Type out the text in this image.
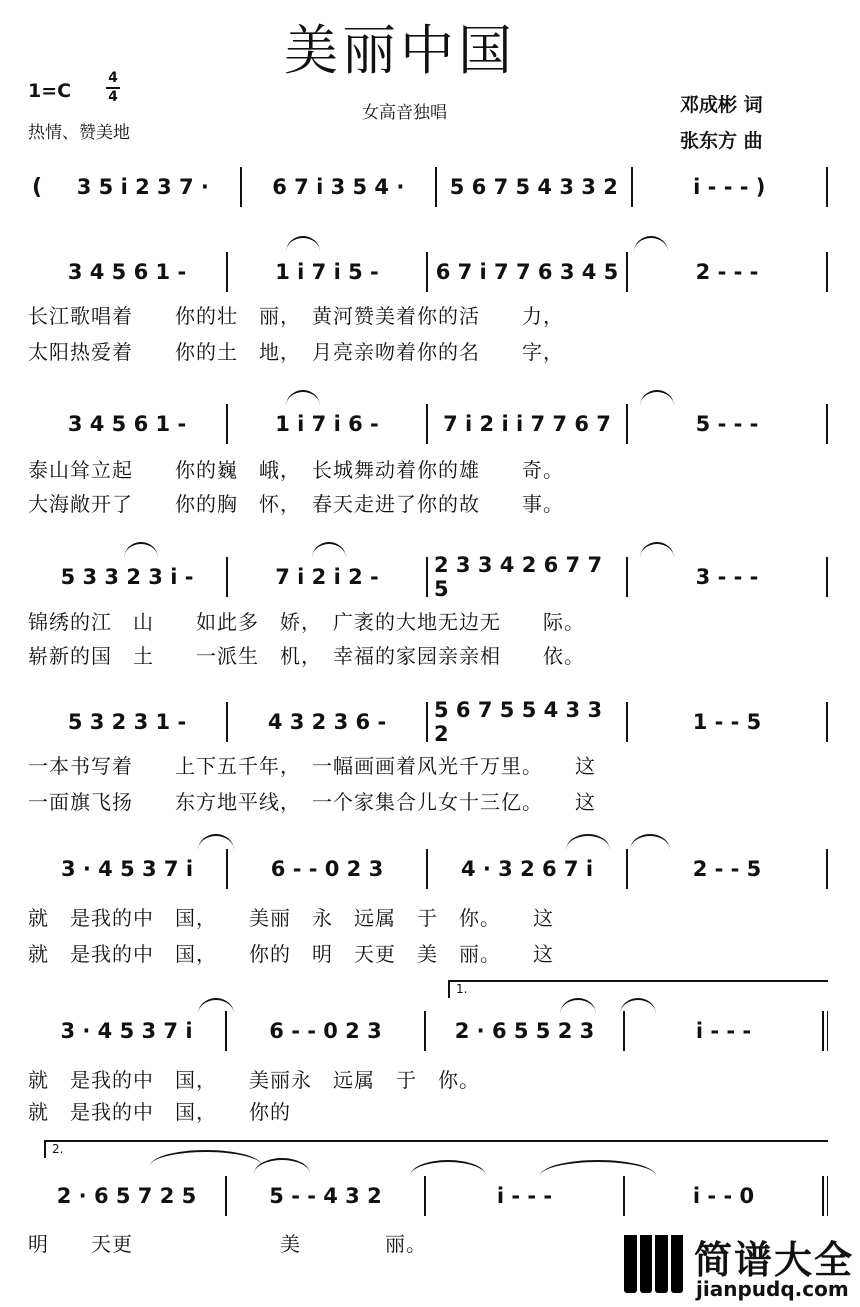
美丽中国
1=C
4
4
热情、赞美地
女高音独唱	邓成彬 词
张东方 曲
(	3 5 i 2 3 7 ·	6 7 i 3 5 4 ·	5 6 7 5 4 3 3 2	i - - - )
3 4 5 6 1 -	1 i 7 i 5 -	6 7 i 7 7 6 3 4 5	2 - - -
长江歌唱着　　你的壮　丽，　黄河赞美着你的活　　力，
太阳热爱着　　你的土　地，　月亮亲吻着你的名　　字，
3 4 5 6 1 -	1 i 7 i 6 -	7 i 2 i i 7 7 6 7	5 - - -
泰山耸立起　　你的巍　峨，　长城舞动着你的雄　　奇。
大海敞开了　　你的胸　怀，　春天走进了你的故　　事。
5 3 3 2 3 i -	7 i 2 i 2 -	2 3 3 4 2 6 7 7 5	3 - - -
锦绣的江　山　　如此多　娇，　广袤的大地无边无　　际。
崭新的国　土　　一派生　机，　幸福的家园亲亲相　　依。
5 3 2 3 1 -	4 3 2 3 6 -	5 6 7 5 5 4 3 3 2	1 - - 5
一本书写着　　上下五千年，　一幅画画着风光千万里。　　这
一面旗飞扬　　东方地平线，　一个家集合儿女十三亿。　　这
3 · 4 5 3 7 i	6 - - 0 2 3	4 · 3 2 6 7 i	2 - - 5
就　是我的中　国，　　美丽　永　远属　于　你。　　这
就　是我的中　国，　　你的　明　天更　美　丽。　　这
1.
3 · 4 5 3 7 i	6 - - 0 2 3	2 · 6 5 5 2 3	i - - -
就　是我的中　国，　　美丽永　远属　于　你。
就　是我的中　国，　　你的
2.
2 · 6 5 7 2 5	5 - - 4 3 2	i - - -	i - - 0
明　　天更　　　　　　　美　　　　丽。	简谱大全
jianpudq.com
